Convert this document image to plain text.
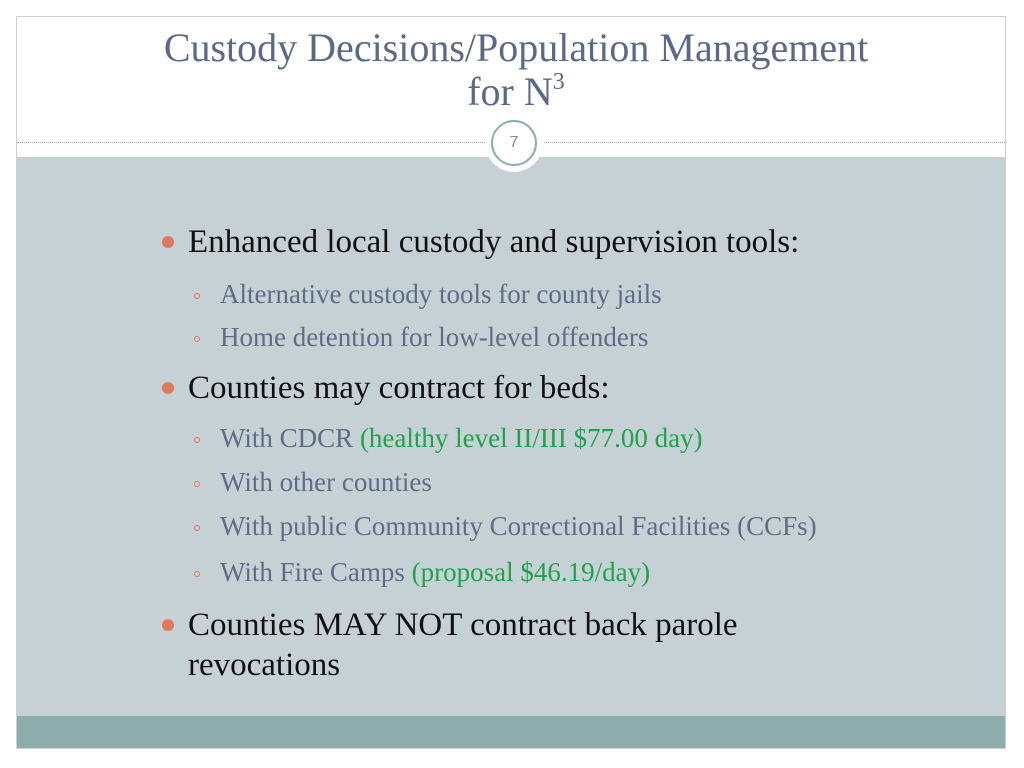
Custody Decisions/Population Management
for $N^3$
7
Enhanced local custody and supervision tools:
Alternative custody tools for county jails
Home detention for low-level offenders
Counties may contract for beds:
With CDCR (healthy level II/III $77.00 day)
With other counties
With public Community Correctional Facilities (CCFs)
With Fire Camps (proposal $46.19/day)
Counties MAY NOT contract back parole
revocations
